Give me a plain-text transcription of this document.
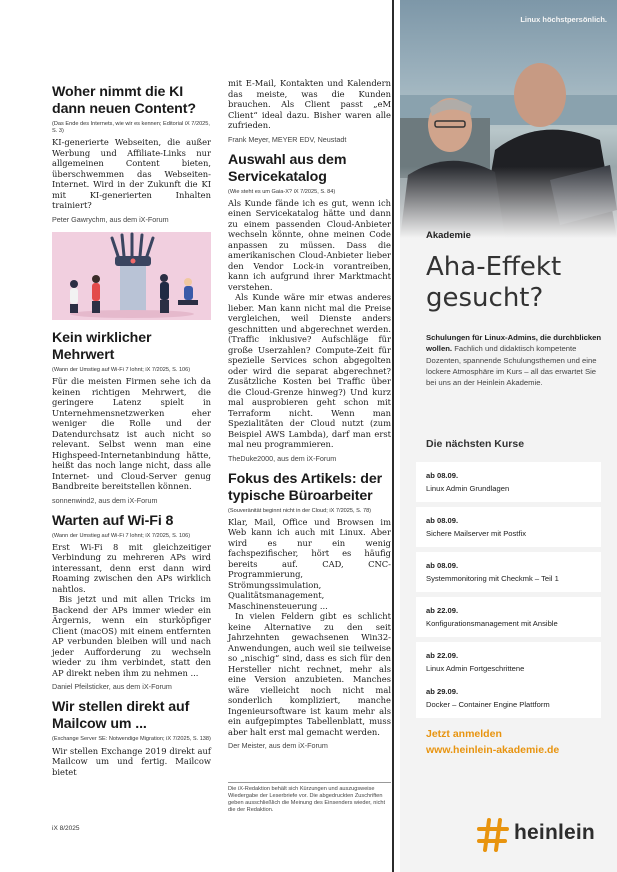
Woher nimmt die KI dann neuen Content?

(Das Ende des Internets, wie wir es kennen; Editorial iX 7/2025, S. 3)

KI-generierte Webseiten, die außer Werbung und Affiliate-Links nur allgemeinen Content bieten, überschwemmen das Webseiten-Internet. Wird in der Zukunft die KI mit KI-generierten Inhalten trainiert?

Peter Gawrychm, aus dem iX-Forum

Kein wirklicher Mehrwert

(Wann der Umstieg auf Wi-Fi 7 lohnt; iX 7/2025, S. 106)

Für die meisten Firmen sehe ich da keinen richtigen Mehrwert, die geringere Latenz spielt in Unternehmensnetzwerken eher weniger die Rolle und der Datendurchsatz ist auch nicht so relevant. Selbst wenn man eine Highspeed-Internetanbindung hätte, heißt das noch lange nicht, dass alle Internet- und Cloud-Server genug Bandbreite bereitstellen können.

sonnenwind2, aus dem iX-Forum

Warten auf Wi-Fi 8

(Wann der Umstieg auf Wi-Fi 7 lohnt; iX 7/2025, S. 106)

Erst Wi-Fi 8 mit gleichzeitiger Verbindung zu mehreren APs wird interessant, denn erst dann wird Roaming zwischen den APs wirklich nahtlos.

Bis jetzt und mit allen Tricks im Backend der APs immer wieder ein Ärgernis, wenn ein sturköpfiger Client (macOS) mit einem entfernten AP verbunden bleiben will und nach jeder Aufforderung zu wechseln wieder zu ihm verbindet, statt den AP direkt neben ihm zu nehmen ...

Daniel Pfeilsticker, aus dem iX-Forum

Wir stellen direkt auf Mailcow um ...

(Exchange Server SE: Notwendige Migration; iX 7/2025, S. 138)

Wir stellen Exchange 2019 direkt auf Mailcow um und fertig. Mailcow bietet

mit E-Mail, Kontakten und Kalendern das meiste, was die Kunden brauchen. Als Client passt „eM Client“ ideal dazu. Bisher waren alle zufrieden.

Frank Meyer, MEYER EDV, Neustadt

Auswahl aus dem Servicekatalog

(Wie steht es um Gaia-X? iX 7/2025, S. 84)

Als Kunde fände ich es gut, wenn ich einen Servicekatalog hätte und dann zu einem passenden Cloud-Anbieter wechseln könnte, ohne meinen Code anpassen zu müssen. Dass die amerikanischen Cloud-Anbieter lieber den Vendor Lock-in vorantreiben, kann ich aufgrund ihrer Marktmacht verstehen.

Als Kunde wäre mir etwas anderes lieber. Man kann nicht mal die Preise vergleichen, weil Dienste anders geschnitten und abgerechnet werden. (Traffic inklusive? Aufschläge für große Userzahlen? Compute-Zeit für spezielle Services schon abgegolten oder wird die separat abgerechnet? Zusätzliche Kosten bei Traffic über die Cloud-Grenze hinweg?) Und kurz mal ausprobieren geht schon mit Terraform nicht. Wenn man Spezialitäten der Cloud nutzt (zum Beispiel AWS Lambda), darf man erst mal neu programmieren.

TheDuke2000, aus dem iX-Forum

Fokus des Artikels: der typische Büroarbeiter

(Souveränität beginnt nicht in der Cloud; iX 7/2025, S. 78)

Klar, Mail, Office und Browsen im Web kann ich auch mit Linux. Aber wird es nur ein wenig fachspezifischer, hört es häufig bereits auf. CAD, CNC-Programmierung, Strömungssimulation, Qualitätsmanagement, Maschinensteuerung ...

In vielen Feldern gibt es schlicht keine Alternative zu den seit Jahrzehnten gewachsenen Win32-Anwendungen, auch weil sie teilweise so „nischig“ sind, dass es sich für den Hersteller nicht rechnet, mehr als eine Version anzubieten. Manches wäre vielleicht noch nicht mal sonderlich kompliziert, manche Ingenieursoftware ist kaum mehr als ein aufgepimptes Tabellenblatt, muss aber halt erst mal gemacht werden.

Der Meister, aus dem iX-Forum

Die iX-Redaktion behält sich Kürzungen und auszugsweise Wiedergabe der Leserbriefe vor. Die abgedruckten Zuschriften geben ausschließlich die Meinung des Einsenders wieder, nicht die der Redaktion.
iX 8/2025
Linux höchstpersönlich.
Akademie
Aha-Effekt
gesucht?
Schulungen für Linux-Admins, die durchblicken wollen. Fachlich und didaktisch kompetente Dozenten, spannende Schulungsthemen und eine lockere Atmosphäre im Kurs – all das erwartet Sie bei uns an der Heinlein Akademie.
Die nächsten Kurse
ab 08.09.
Linux Admin Grundlagen
ab 08.09.
Sichere Mailserver mit Postfix
ab 08.09.
Systemmonitoring mit Checkmk – Teil 1
ab 22.09.
Konfigurationsmanagement mit Ansible
ab 22.09.
Linux Admin Fortgeschrittene
ab 29.09.
Docker – Container Engine Plattform
Jetzt anmelden
www.heinlein-akademie.de
heinlein
